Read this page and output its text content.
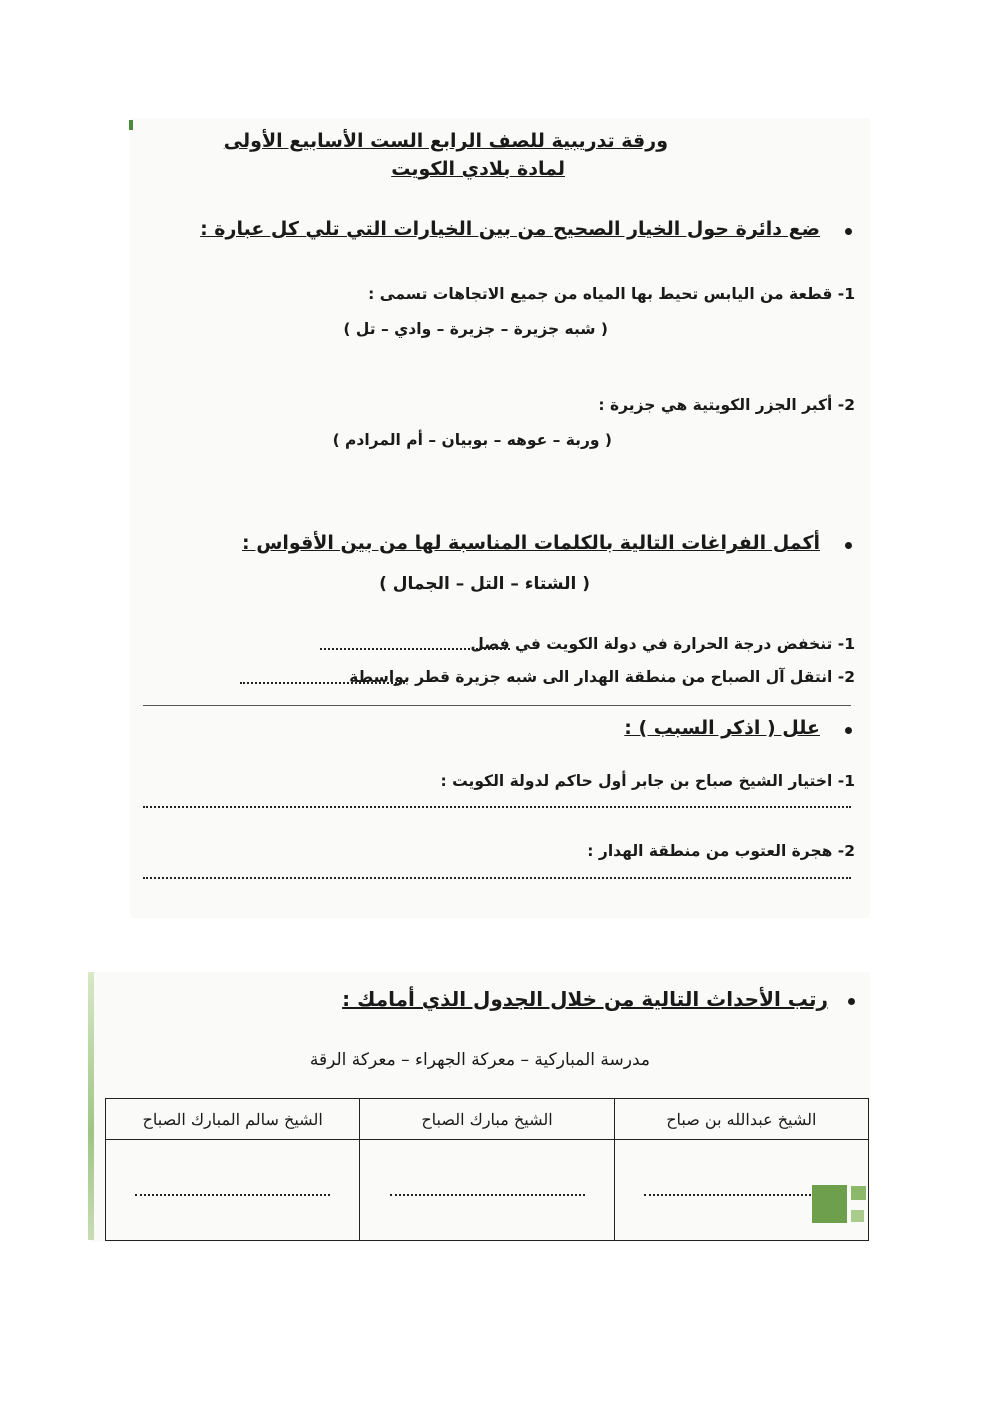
ورقة تدريبية للصف الرابع الست الأسابيع الأولى
لمادة بلادي الكويت
ضع دائرة حول الخيار الصحيح من بين الخيارات التي تلي كل عبارة :
1- قطعة من اليابس تحيط بها المياه من جميع الاتجاهات تسمى :
( شبه جزيرة – جزيرة – وادي – تل )
2- أكبر الجزر الكويتية هي جزيرة :
( وربة – عوهه – بوبيان – أم المرادم )
أكمل الفراغات التالية بالكلمات المناسبة لها من بين الأقواس :
( الشتاء – التل – الجمال )
1- تنخفض درجة الحرارة في دولة الكويت في فصل
2- انتقل آل الصباح من منطقة الهدار الى شبه جزيرة قطر بواسطة
علل ( اذكر السبب ) :
1- اختيار الشيخ صباح بن جابر أول حاكم لدولة الكويت :
2- هجرة العتوب من منطقة الهدار :
رتب الأحداث التالية من خلال الجدول الذي أمامك :
مدرسة المباركية – معركة الجهراء – معركة الرقة
الشيخ عبدالله بن صباح	الشيخ مبارك الصباح	الشيخ سالم المبارك الصباح
